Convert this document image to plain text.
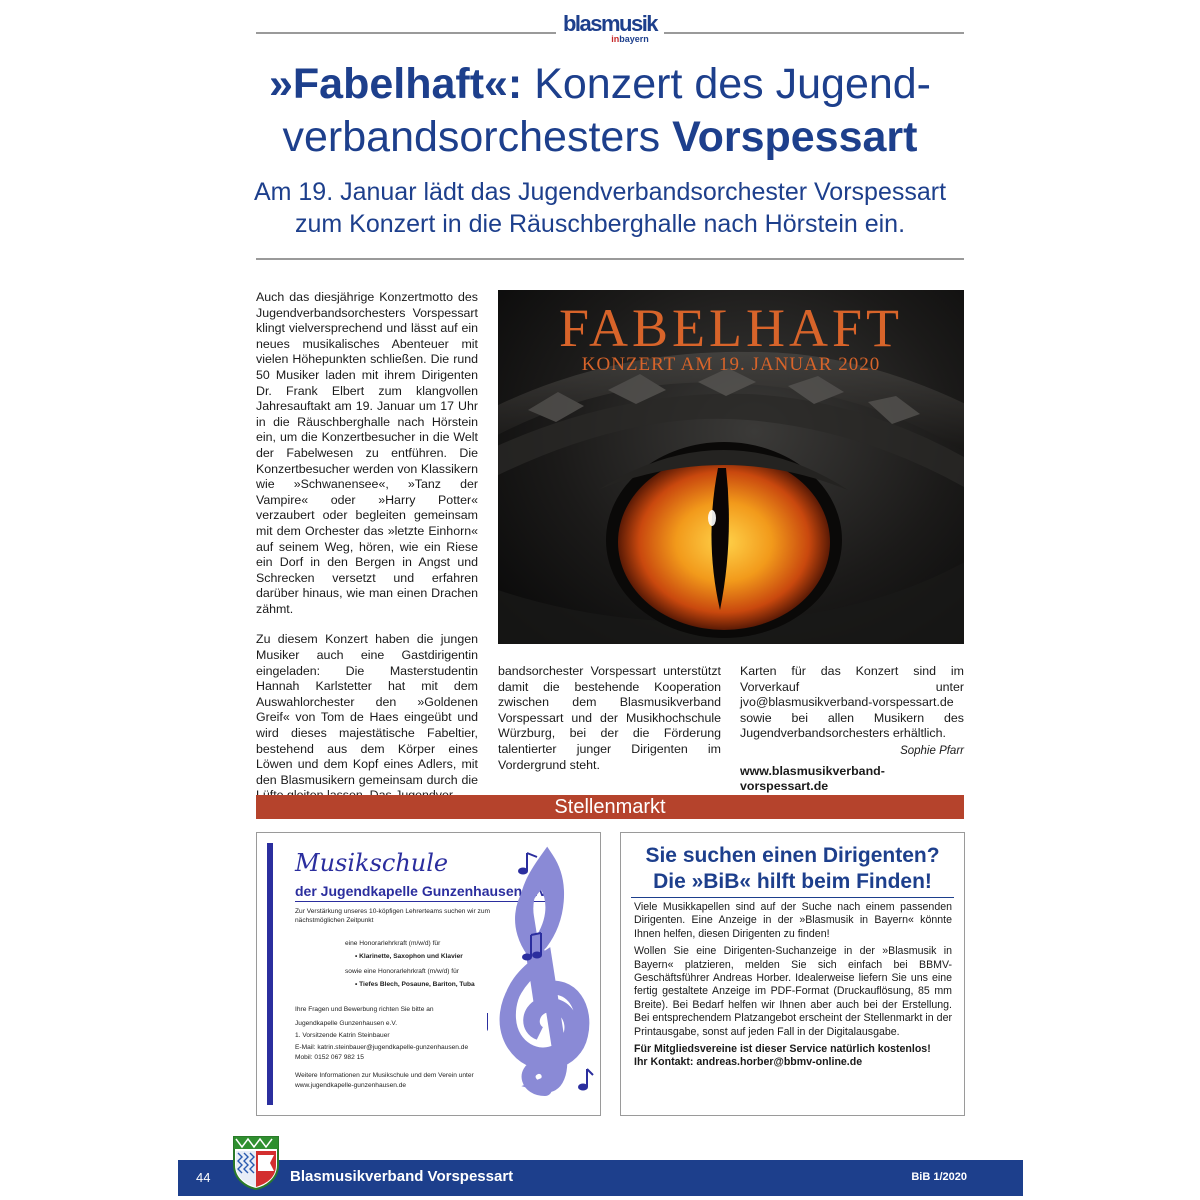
blasmusik
inbayern
»Fabelhaft«: Konzert des Jugend-
verbandsorchesters Vorspessart
Am 19. Januar lädt das Jugendverbandsorchester Vorspessart zum Konzert in die Räuschberghalle nach Hörstein ein.

Auch das diesjährige Konzertmotto des Jugendverbandsorchesters Vorspessart klingt vielversprechend und lässt auf ein neues musikalisches Abenteuer mit vielen Höhepunkten schließen. Die rund 50 Musiker laden mit ihrem Dirigenten Dr. Frank Elbert zum klangvollen Jahresauftakt am 19. Januar um 17 Uhr in die Räuschberghalle nach Hörstein ein, um die Konzertbesucher in die Welt der Fabelwesen zu entführen. Die Konzertbesucher werden von Klassikern wie »Schwanensee«, »Tanz der Vampire« oder »Harry Potter« verzaubert oder begleiten gemeinsam mit dem Orchester das »letzte Einhorn« auf seinem Weg, hören, wie ein Riese ein Dorf in den Bergen in Angst und Schrecken versetzt und erfahren darüber hinaus, wie man einen Drachen zähmt.

Zu diesem Konzert haben die jungen Musiker auch eine Gastdirigentin eingeladen: Die Masterstudentin Hannah Karlstetter hat mit dem Auswahlorchester den »Goldenen Greif« von Tom de Haes eingeübt und wird dieses majestätische Fabeltier, bestehend aus dem Körper eines Löwen und dem Kopf eines Adlers, mit den Blasmusikern gemeinsam durch die

FABELHAFT
KONZERT AM 19. JANUAR 2020

bandsorchester Vorspessart unterstützt damit die bestehende Kooperation zwischen dem Blasmusikverband Vorspessart und der Musikhochschule Würzburg, bei der die Förderung talentierter junger Dirigenten im Vordergrund steht.

Karten für das Konzert sind im Vorverkauf unter jvo@blasmusikverband-vorspessart.de sowie bei allen Musikern des Jugendverbandsorchesters erhältlich.

Sophie Pfarr
www.blasmusikverband-vorspessart.de
Stellenmarkt
Musikschule
der Jugendkapelle Gunzenhausen e.V.
Zur Verstärkung unseres 10-köpfigen Lehrerteams suchen wir zum nächstmöglichen Zeitpunkt
eine Honorarlehrkraft (m/w/d) für
• Klarinette, Saxophon und Klavier
sowie eine Honorarlehrkraft (m/w/d) für
• Tiefes Blech, Posaune, Bariton, Tuba
Ihre Fragen und Bewerbung richten Sie bitte an
Jugendkapelle Gunzenhausen e.V.
1. Vorsitzende Katrin Steinbauer
E-Mail: katrin.steinbauer@jugendkapelle-gunzenhausen.de
Mobil: 0152 067 982 15
Weitere Informationen zur Musikschule und dem Verein unter
www.jugendkapelle-gunzenhausen.de
Sie suchen einen Dirigenten?
Die »BiB« hilft beim Finden!

Viele Musikkapellen sind auf der Suche nach einem passenden Dirigenten. Eine Anzeige in der »Blasmusik in Bayern« könnte Ihnen helfen, diesen Dirigenten zu finden!

Wollen Sie eine Dirigenten-Suchanzeige in der »Blasmusik in Bayern« platzieren, melden Sie sich einfach bei BBMV-Geschäftsführer Andreas Horber. Idealerweise liefern Sie uns eine fertig gestaltete Anzeige im PDF-Format (Druckauflösung, 85 mm Breite). Bei Bedarf helfen wir Ihnen aber auch bei der Erstellung. Bei entsprechendem Platzangebot erscheint der Stellenmarkt in der Printausgabe, sonst auf jeden Fall in der Digitalausgabe.

Für Mitgliedsvereine ist dieser Service natürlich kostenlos!

Ihr Kontakt: andreas.horber@bbmv-online.de

44	Blasmusikverband Vorspessart	BiB 1/2020
